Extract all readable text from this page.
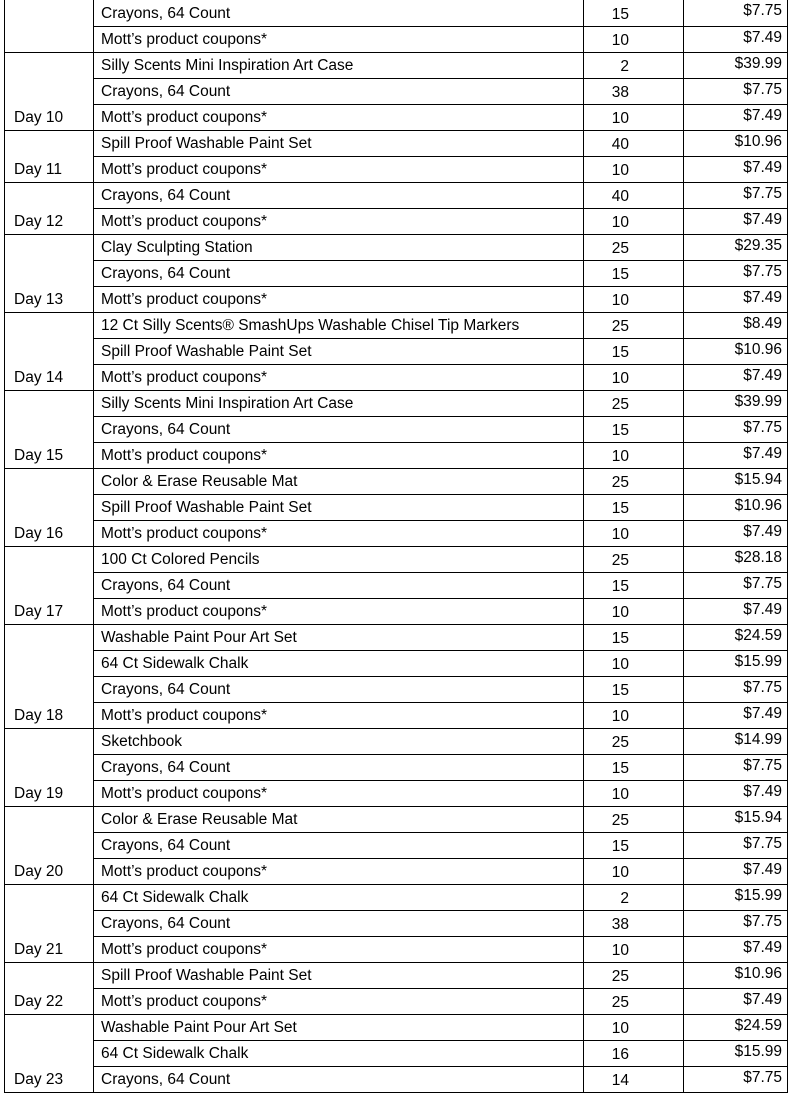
	Crayons, 64 Count	15	$7.75

	Mott’s product coupons*	10	$7.49

	Silly Scents Mini Inspiration Art Case	2	$39.99

	Crayons, 64 Count	38	$7.75

Day 10	Mott’s product coupons*	10	$7.49

	Spill Proof Washable Paint Set	40	$10.96

Day 11	Mott’s product coupons*	10	$7.49

	Crayons, 64 Count	40	$7.75

Day 12	Mott’s product coupons*	10	$7.49

	Clay Sculpting Station	25	$29.35

	Crayons, 64 Count	15	$7.75

Day 13	Mott’s product coupons*	10	$7.49

	12 Ct Silly Scents® SmashUps Washable Chisel Tip Markers	25	$8.49

	Spill Proof Washable Paint Set	15	$10.96

Day 14	Mott’s product coupons*	10	$7.49

	Silly Scents Mini Inspiration Art Case	25	$39.99

	Crayons, 64 Count	15	$7.75

Day 15	Mott’s product coupons*	10	$7.49

	Color & Erase Reusable Mat	25	$15.94

	Spill Proof Washable Paint Set	15	$10.96

Day 16	Mott’s product coupons*	10	$7.49

	100 Ct Colored Pencils	25	$28.18

	Crayons, 64 Count	15	$7.75

Day 17	Mott’s product coupons*	10	$7.49

	Washable Paint Pour Art Set	15	$24.59

	64 Ct Sidewalk Chalk	10	$15.99

	Crayons, 64 Count	15	$7.75

Day 18	Mott’s product coupons*	10	$7.49

	Sketchbook	25	$14.99

	Crayons, 64 Count	15	$7.75

Day 19	Mott’s product coupons*	10	$7.49

	Color & Erase Reusable Mat	25	$15.94

	Crayons, 64 Count	15	$7.75

Day 20	Mott’s product coupons*	10	$7.49

	64 Ct Sidewalk Chalk	2	$15.99

	Crayons, 64 Count	38	$7.75

Day 21	Mott’s product coupons*	10	$7.49

	Spill Proof Washable Paint Set	25	$10.96

Day 22	Mott’s product coupons*	25	$7.49

	Washable Paint Pour Art Set	10	$24.59

	64 Ct Sidewalk Chalk	16	$15.99

Day 23	Crayons, 64 Count	14	$7.75
